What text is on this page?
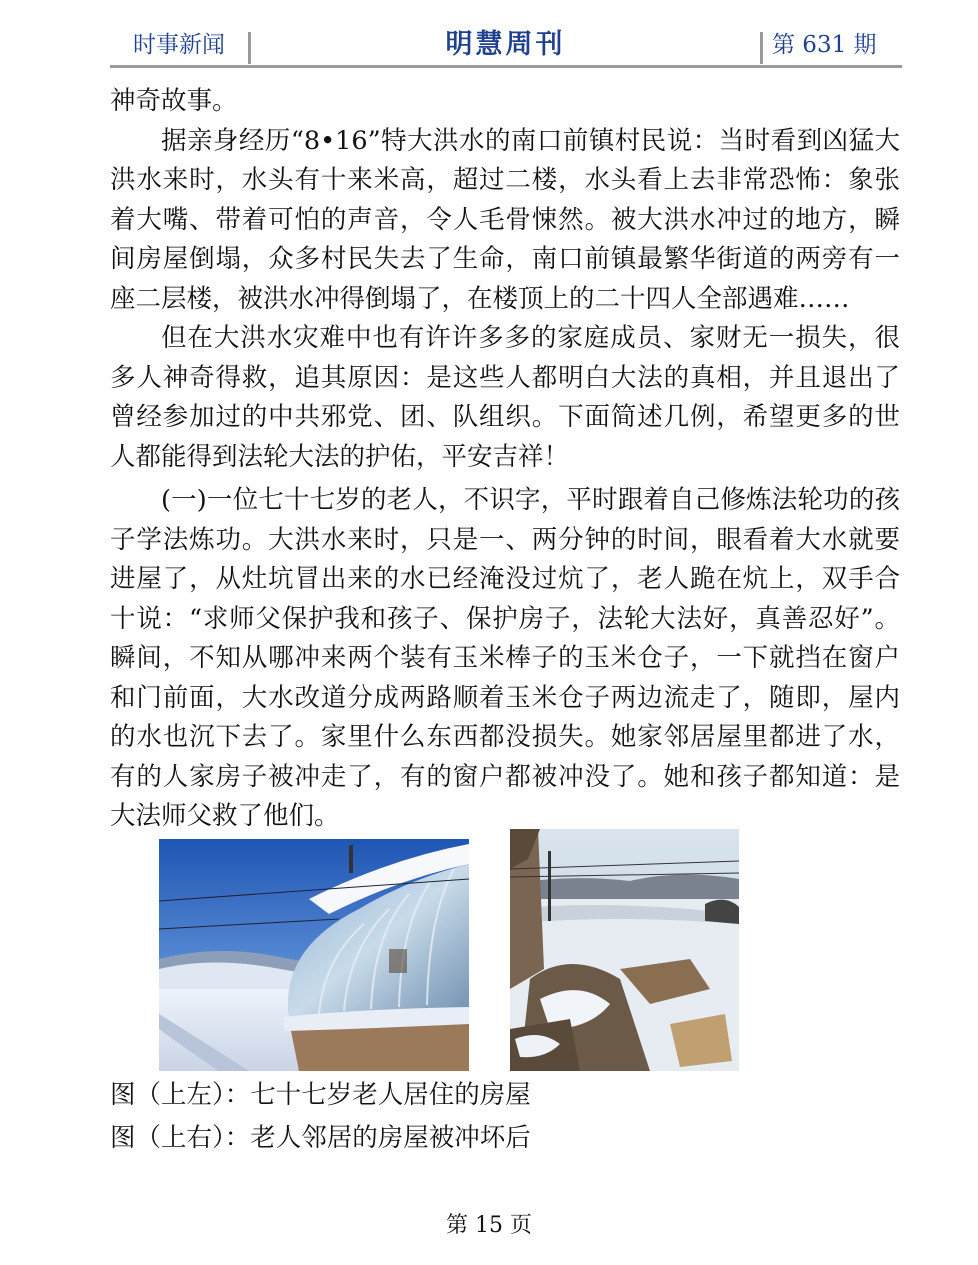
时事新闻	明慧周刊	第 631 期

神奇故事。

据亲身经历“8•16”特大洪水的南口前镇村民说：当时看到凶猛大洪水来时，水头有十来米高，超过二楼，水头看上去非常恐怖：象张着大嘴、带着可怕的声音，令人毛骨悚然。被大洪水冲过的地方，瞬间房屋倒塌，众多村民失去了生命，南口前镇最繁华街道的两旁有一座二层楼，被洪水冲得倒塌了，在楼顶上的二十四人全部遇难……

但在大洪水灾难中也有许许多多的家庭成员、家财无一损失，很多人神奇得救，追其原因：是这些人都明白大法的真相，并且退出了曾经参加过的中共邪党、团、队组织。下面简述几例，希望更多的世人都能得到法轮大法的护佑，平安吉祥！

(一)一位七十七岁的老人，不识字，平时跟着自己修炼法轮功的孩子学法炼功。大洪水来时，只是一、两分钟的时间，眼看着大水就要进屋了，从灶坑冒出来的水已经淹没过炕了，老人跪在炕上，双手合十说：“求师父保护我和孩子、保护房子，法轮大法好，真善忍好”。瞬间，不知从哪冲来两个装有玉米棒子的玉米仓子，一下就挡在窗户和门前面，大水改道分成两路顺着玉米仓子两边流走了，随即，屋内的水也沉下去了。家里什么东西都没损失。她家邻居屋里都进了水，有的人家房子被冲走了，有的窗户都被冲没了。她和孩子都知道：是大法师父救了他们。

图（上左）：七十七岁老人居住的房屋
图（上右）：老人邻居的房屋被冲坏后
第 15 页
